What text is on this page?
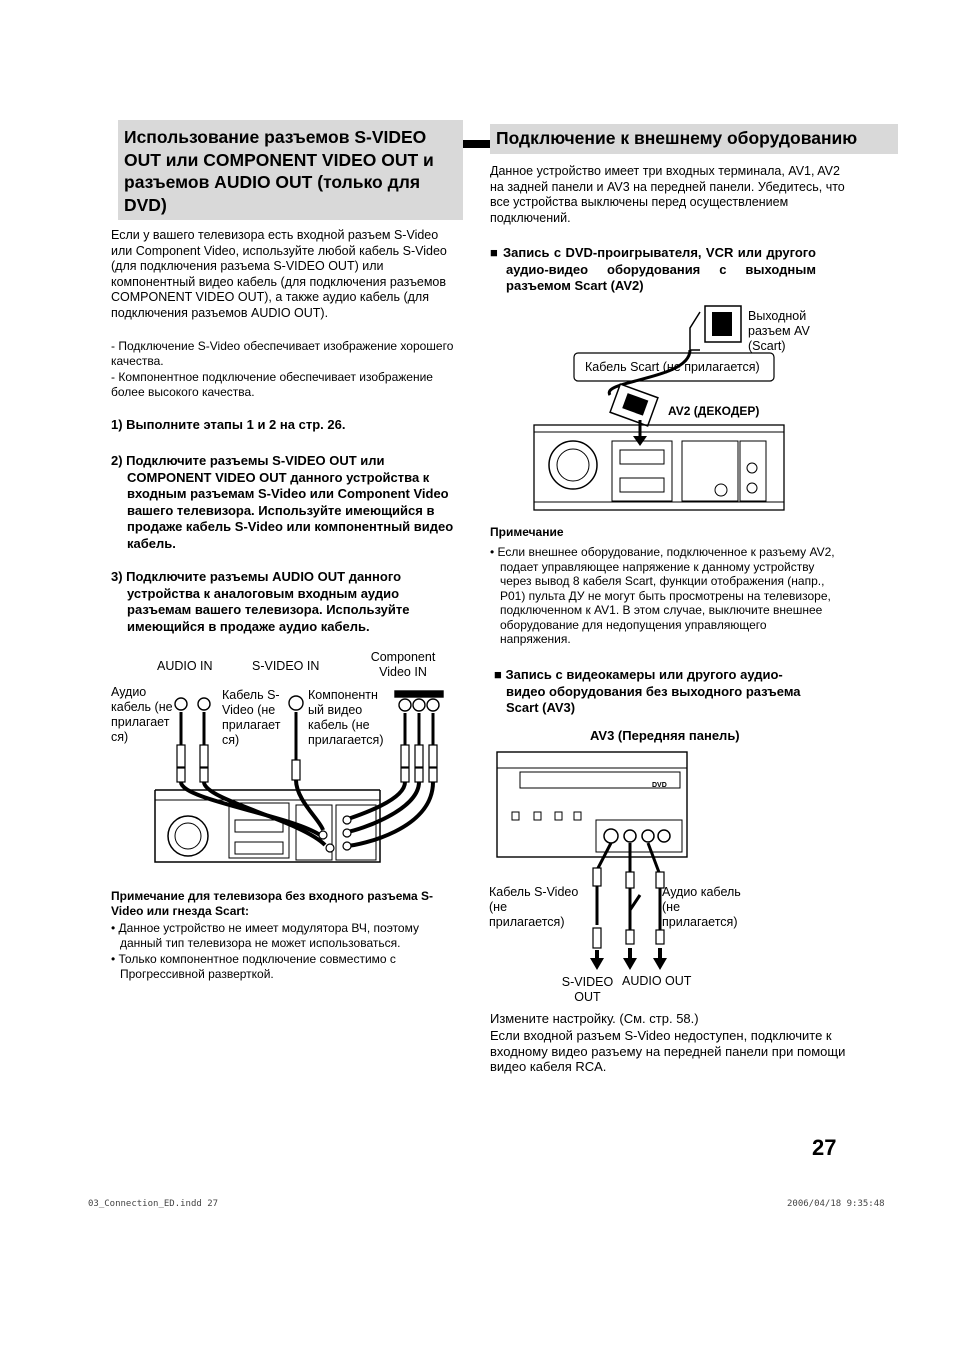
Использование разъемов S-VIDEO OUT или COMPONENT VIDEO OUT и разъемов AUDIO OUT (только для DVD)
Если у вашего телевизора есть входной разъем S-Video или Component Video, используйте любой кабель S-Video (для подключения разъема S-VIDEO OUT) или компонентный видео кабель (для подключения разъемов COMPONENT VIDEO OUT), а также аудио кабель (для подключения разъемов AUDIO OUT).
- Подключение S-Video обеспечивает изображение хорошего качества.
- Компонентное подключение обеспечивает изображение более высокого качества.
1) Выполните этапы 1 и 2 на стр. 26.
2) Подключите разъемы S-VIDEO OUT или COMPONENT VIDEO OUT данного устройства к входным разъемам S-Video или Component Video вашего телевизора. Используйте имеющийся в продаже кабель S-Video или компонентный видео кабель.
3) Подключите разъемы AUDIO OUT данного устройства к аналоговым входным аудио разъемам вашего телевизора. Используйте имеющийся в продаже аудио кабель.
AUDIO IN	S-VIDEO IN
Component Video IN
Аудио кабель (не прилагает ся)
Кабель S-Video (не прилагает ся)
Компонентн ый видео кабель (не прилагается)
Примечание для телевизора без входного разъема S-Video или гнезда Scart:
• Данное устройство не имеет модулятора ВЧ, поэтому данный тип телевизора не может использоваться.
• Только компонентное подключение совместимо с Прогрессивной разверткой.
Подключение к внешнему оборудованию
Данное устройство имеет три входных терминала, AV1, AV2 на задней панели и AV3 на передней панели. Убедитесь, что все устройства выключены перед осуществлением подключений.
■ Запись с DVD-проигрывателя, VCR или другого аудио-видео оборудования с выходным разъемом Scart (AV2)
Выходной разъем AV (Scart)
Кабель Scart (не прилагается)
AV2 (ДЕКОДЕР)
Примечание
• Если внешнее оборудование, подключенное к разъему AV2, подает управляющее напряжение к данному устройству через вывод 8 кабеля Scart, функции отображения (напр., P01) пульта ДУ не могут быть просмотрены на телевизоре, подключенном к AV1. В этом случае, выключите внешнее оборудование для недопущения управляющего напряжения.
■ Запись с видеокамеры или другого аудио-видео оборудования без выходного разъема Scart (AV3)
AV3 (Передняя панель)
DVD
Кабель S-Video (не прилагается)
Аудио кабель (не прилагается)
S-VIDEO OUT
AUDIO OUT
Измените настройку. (См. стр. 58.)
Если входной разъем S-Video недоступен, подключите к входному видео разъему на передней панели при помощи видео кабеля RCA.
27
03_Connection_ED.indd 27	2006/04/18 9:35:48
